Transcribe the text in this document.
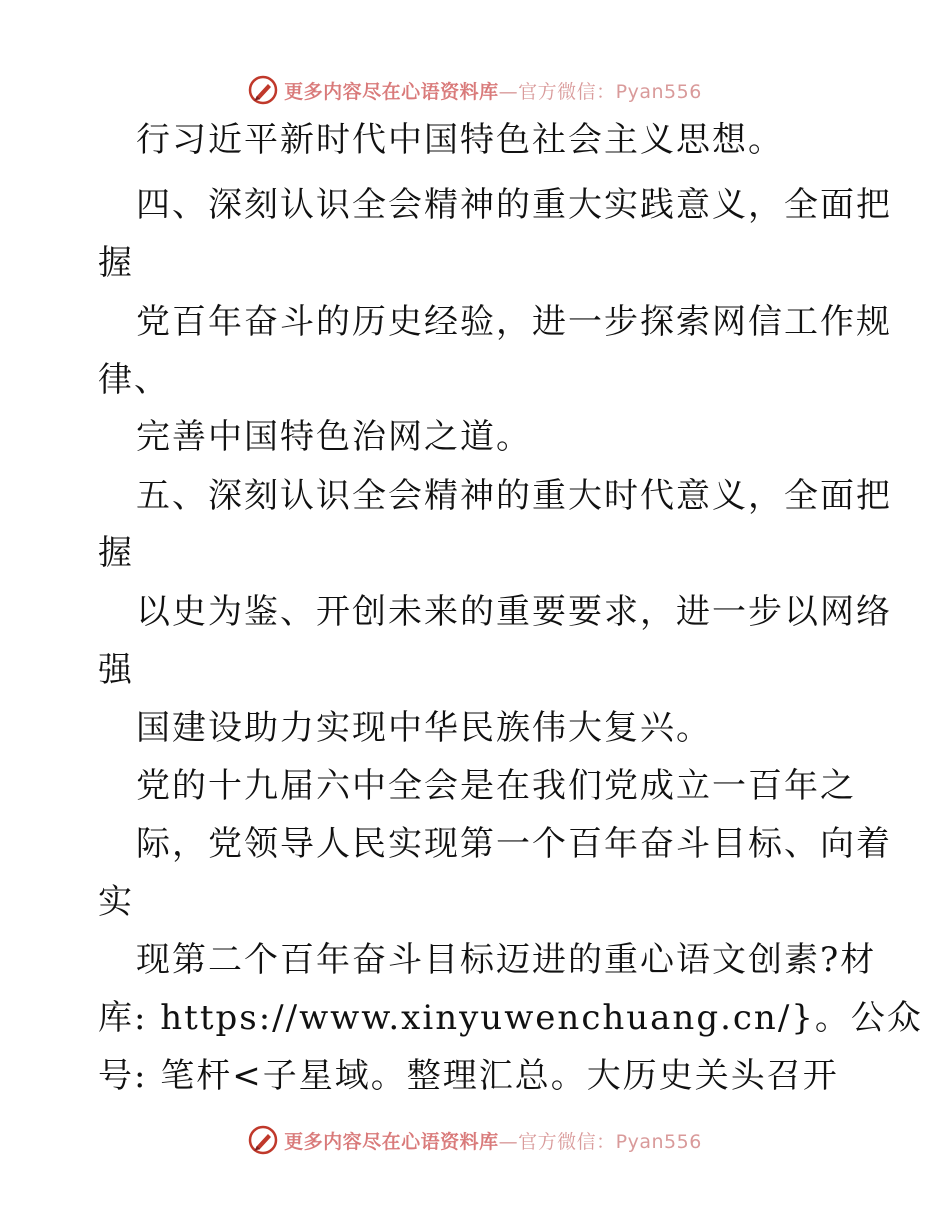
更多内容尽在心语资料库 —官方微信：Pyan556
行习近平新时代中国特色社会主义思想。
四、深刻认识全会精神的重大实践意义，全面把
握
党百年奋斗的历史经验，进一步探索网信工作规
律、
完善中国特色治网之道。
五、深刻认识全会精神的重大时代意义，全面把
握
以史为鉴、开创未来的重要要求，进一步以网络
强
国建设助力实现中华民族伟大复兴。
党的十九届六中全会是在我们党成立一百年之
际，党领导人民实现第一个百年奋斗目标、向着
实
现第二个百年奋斗目标迈进的重心语文创素?材
库: https://www.xinyuwenchuang.cn/}。公众
号: 笔杆<子星域。整理汇总。大历史关头召开
更多内容尽在心语资料库 —官方微信：Pyan556
